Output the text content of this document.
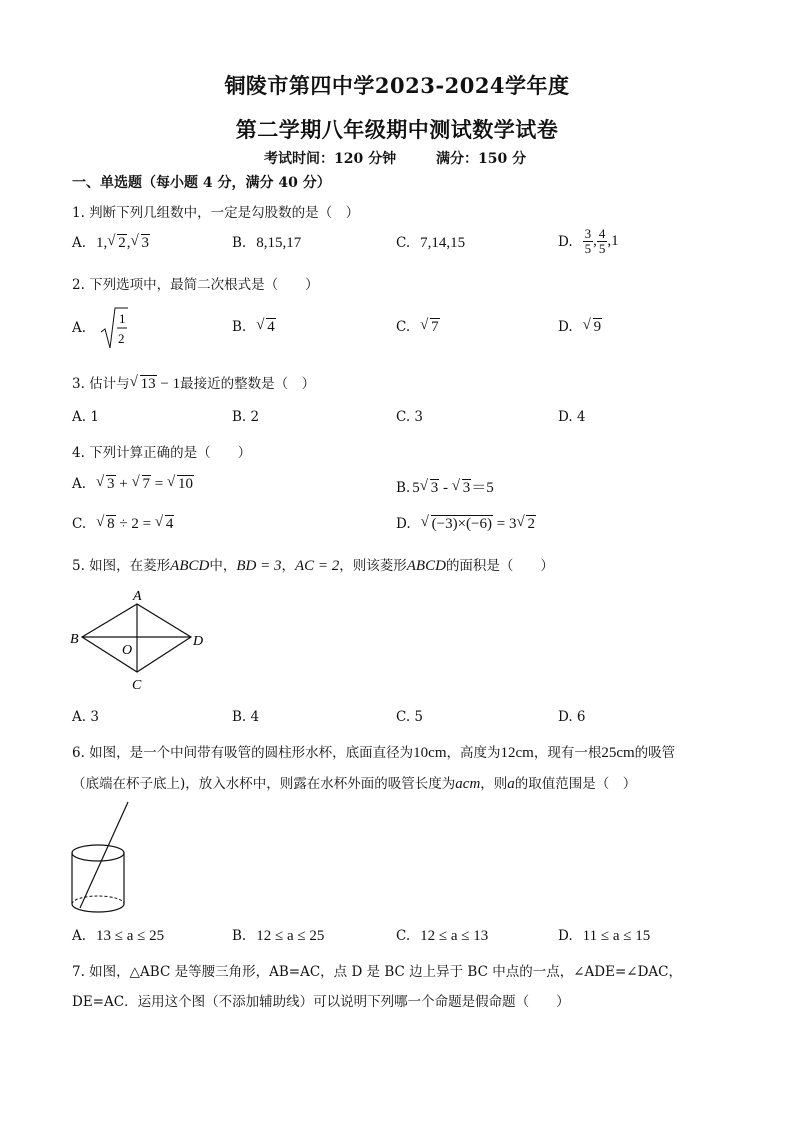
铜陵市第四中学2023-2024学年度
第二学期八年级期中测试数学试卷
考试时间：120 分钟	满分：150 分
一、单选题（每小题 4 分，满分 40 分）
1. 判断下列几组数中，一定是勾股数的是（　）
A. 1, √ 2, √ 3	B. 8,15,17	C. 7,14,15	D. $\frac{3}{5}$ , $\frac{4}{5} ,1$
2. 下列选项中，最简二次根式是（　　）
A.
1
2
B. √ 4	C. √ 7	D. √ 9
3. 估计与 √ 13 − 1最接近的整数是（　）
A. 1	B. 2	C. 3	D. 4
4. 下列计算正确的是（　　）
A. √ 3 + √ 7 = √ 10	B. 5 √ 3 - √ 3＝5
C. √ 8 ÷ 2 = √ 4	D. √ (−3)×(−6) = 3 √ 2
5. 如图，在菱形ABCD中，BD = 3，AC = 2，则该菱形ABCD的面积是（　　）
A
B	D
C
O
A. 3	B. 4	C. 5	D. 6
6. 如图，是一个中间带有吸管的圆柱形水杯，底面直径为10cm，高度为12cm，现有一根25cm的吸管
（底端在杯子底上)，放入水杯中，则露在水杯外面的吸管长度为acm，则a的取值范围是（　）
A. 13 ≤ a ≤ 25	B. 12 ≤ a ≤ 25	C. 12 ≤ a ≤ 13	D. 11 ≤ a ≤ 15
7. 如图，△ABC 是等腰三角形，AB=AC，点 D 是 BC 边上异于 BC 中点的一点，∠ADE=∠DAC，
DE=AC．运用这个图（不添加辅助线）可以说明下列哪一个命题是假命题（　　）
